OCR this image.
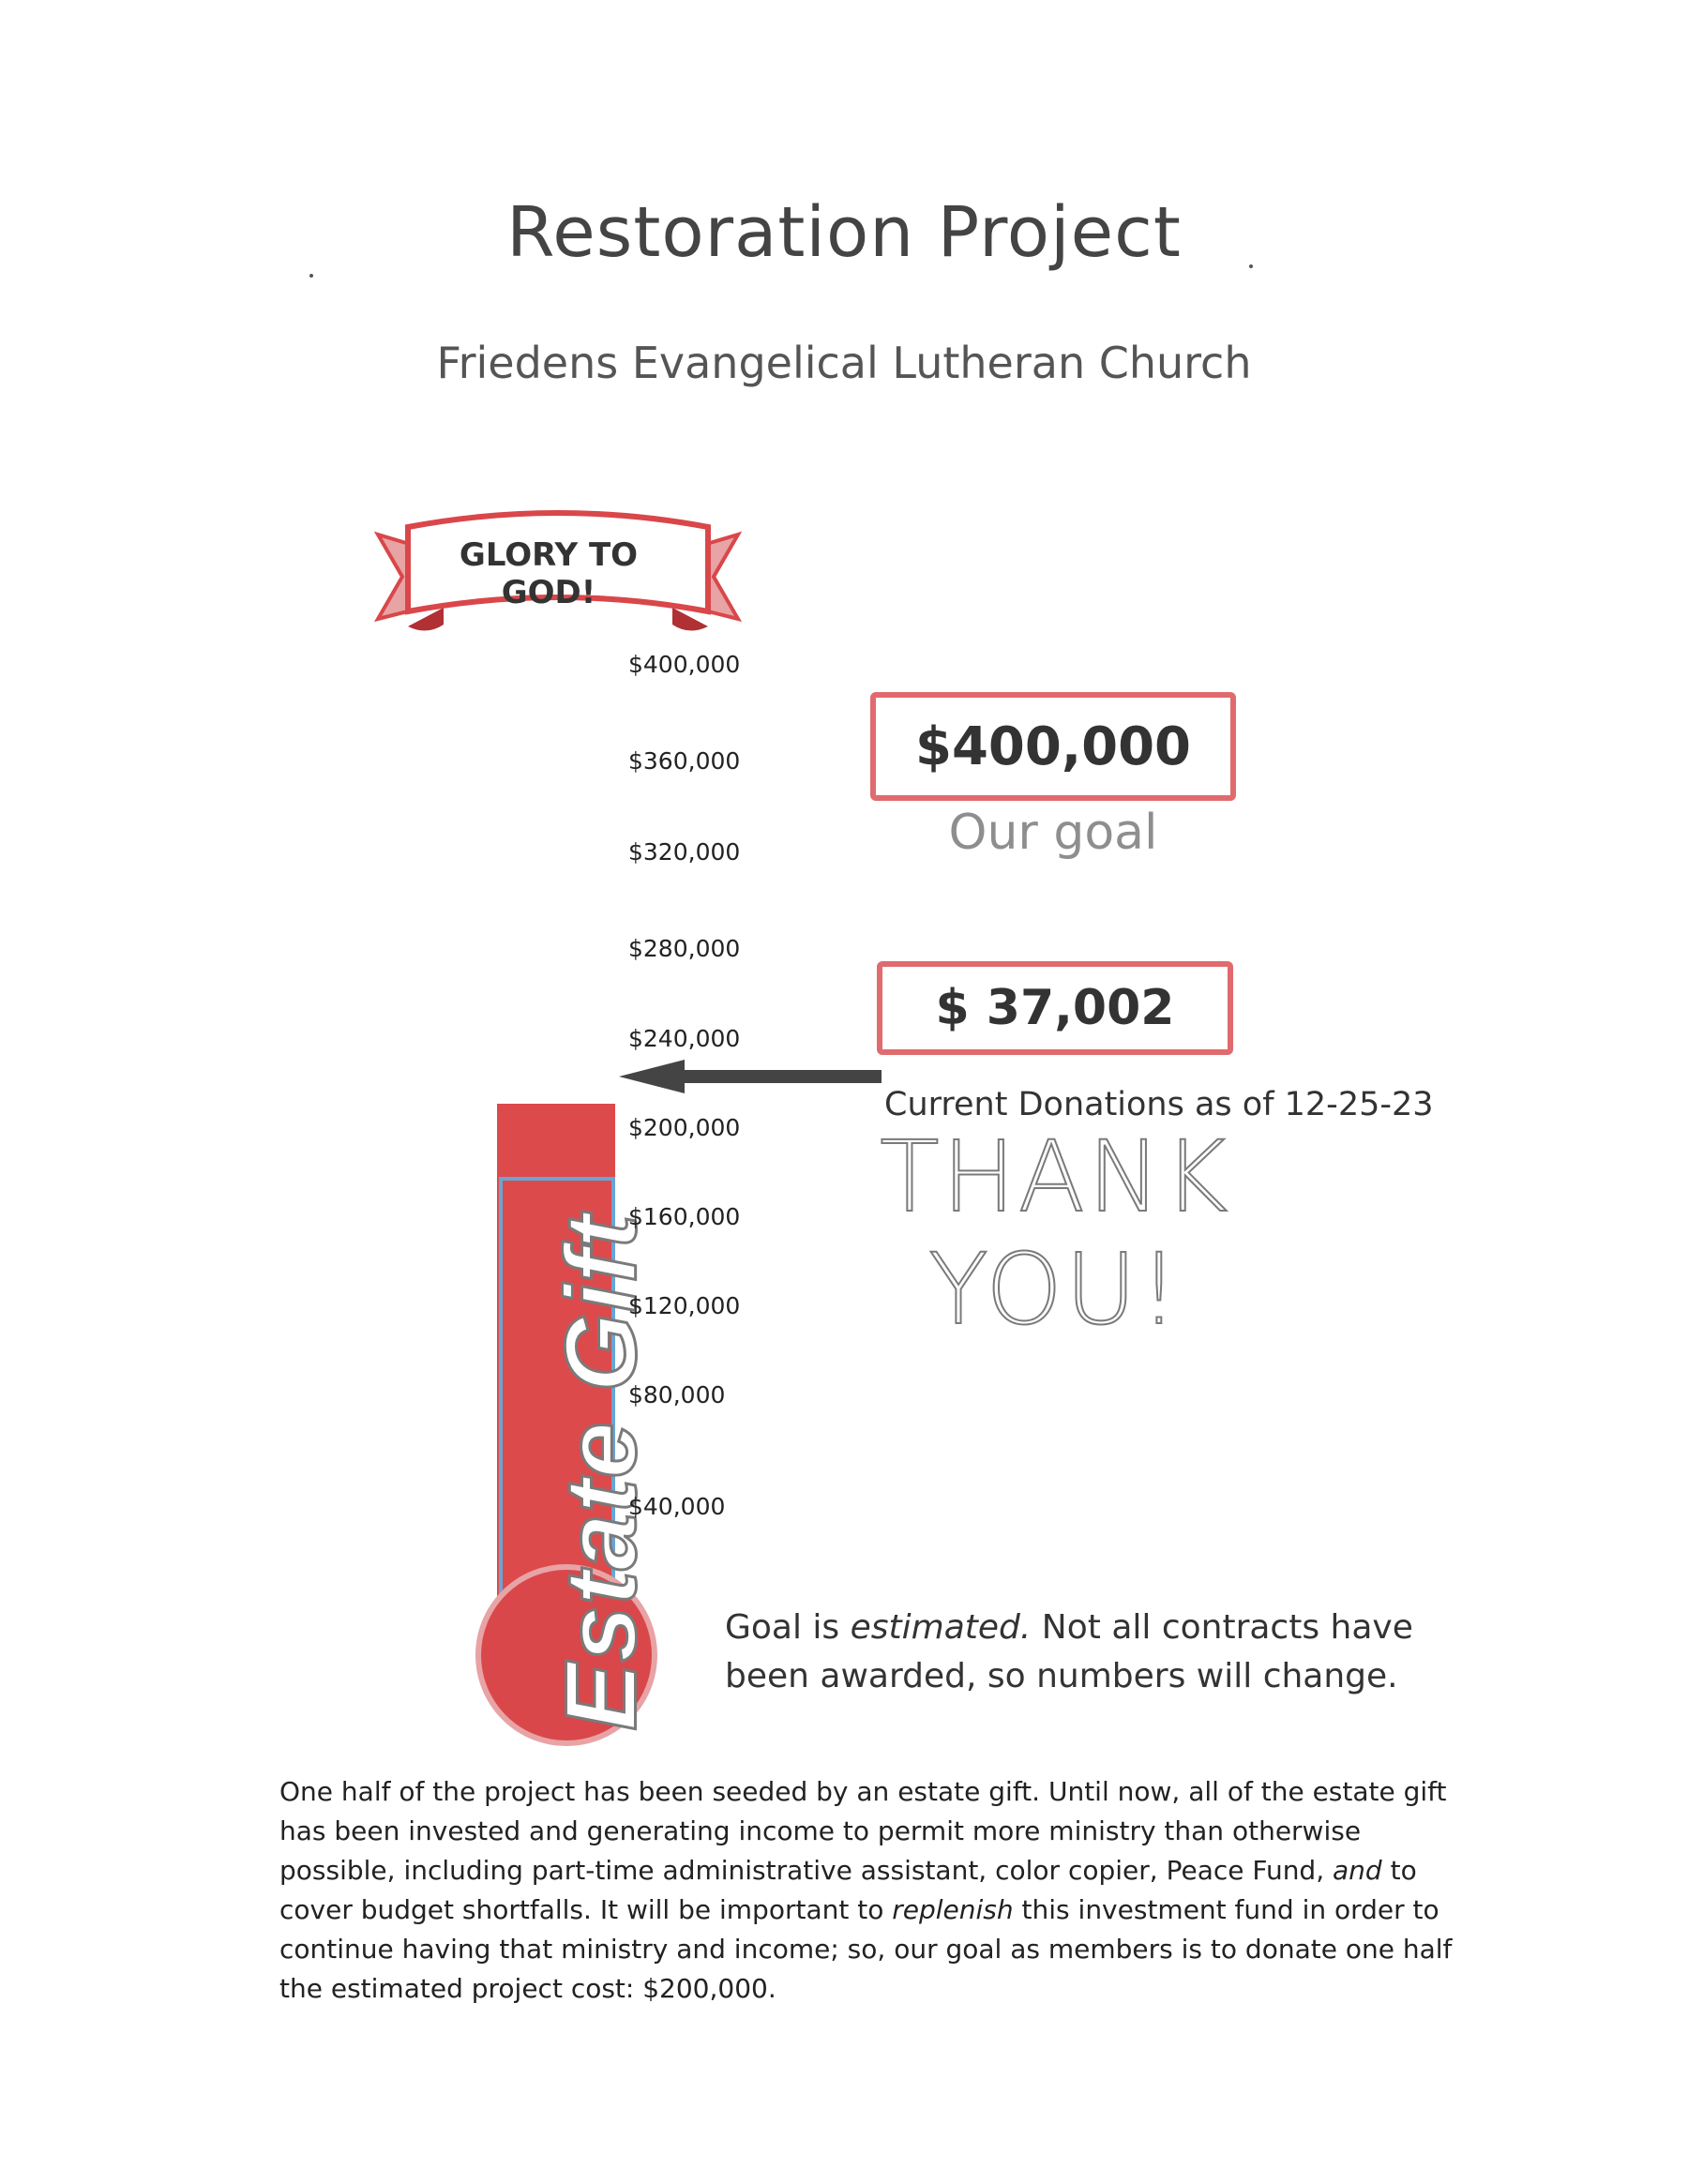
Restoration Project
Friedens Evangelical Lutheran Church
GLORY TO GOD!
Estate Gift
$400,000
$360,000
$320,000
$280,000
$240,000
$200,000
$160,000
$120,000
$80,000
$40,000
$400,000
Our goal
$ 37,002
Current Donations as of 12-25-23
THANK
YOU!
Goal is estimated. Not all contracts have been awarded, so numbers will change.
One half of the project has been seeded by an estate gift. Until now, all of the estate gift has been invested and generating income to permit more ministry than otherwise possible, including part-time administrative assistant, color copier, Peace Fund, and to cover budget shortfalls. It will be important to replenish this investment fund in order to continue having that ministry and income; so, our goal as members is to donate one half the estimated project cost: $200,000.
